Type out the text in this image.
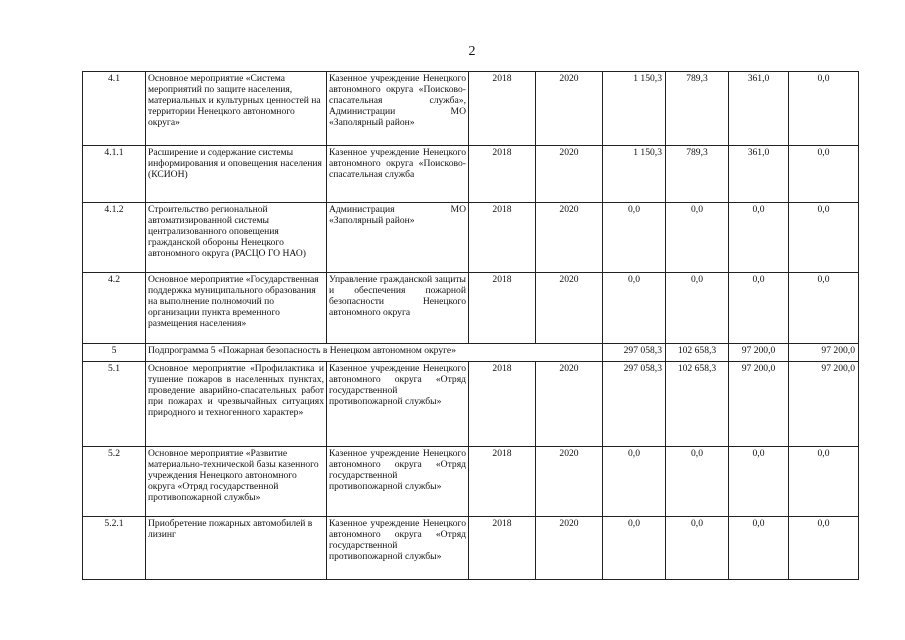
2
4.1	Основное мероприятие «Система мероприятий по защите населения, материальных и культурных ценностей на территории Ненецкого автономного округа»	Казенное учреждение Ненецкого автономного округа «Поисково-спасательная служба», Администрации МО «Заполярный район»	2018	2020	1 150,3	789,3	361,0	0,0
4.1.1	Расширение и содержание системы информирования и оповещения населения (КСИОН)	Казенное учреждение Ненецкого автономного округа «Поисково-спасательная служба	2018	2020	1 150,3	789,3	361,0	0,0
4.1.2	Строительство региональной автоматизированной системы централизованного оповещения гражданской обороны Ненецкого автономного округа (РАСЦО ГО НАО)	Администрация МО «Заполярный район»	2018	2020	0,0	0,0	0,0	0,0
4.2	Основное мероприятие «Государственная поддержка муниципального образования на выполнение полномочий по организации пункта временного размещения населения»	Управление гражданской защиты и обеспечения пожарной безопасности Ненецкого автономного округа	2018	2020	0,0	0,0	0,0	0,0
5	Подпрограмма 5 «Пожарная безопасность в Ненецком автономном округе»				297 058,3	102 658,3	97 200,0	97 200,0
5.1	Основное мероприятие «Профилактика и тушение пожаров в населенных пунктах, проведение аварийно-спасательных работ при пожарах и чрезвычайных ситуациях природного и техногенного характер»	Казенное учреждение Ненецкого автономного округа «Отряд государственной противопожарной службы»	2018	2020	297 058,3	102 658,3	97 200,0	97 200,0
5.2	Основное мероприятие «Развитие материально-технической базы казенного учреждения Ненецкого автономного округа «Отряд государственной противопожарной службы»	Казенное учреждение Ненецкого автономного округа «Отряд государственной противопожарной службы»	2018	2020	0,0	0,0	0,0	0,0
5.2.1	Приобретение пожарных автомобилей в лизинг	Казенное учреждение Ненецкого автономного округа «Отряд государственной противопожарной службы»	2018	2020	0,0	0,0	0,0	0,0
